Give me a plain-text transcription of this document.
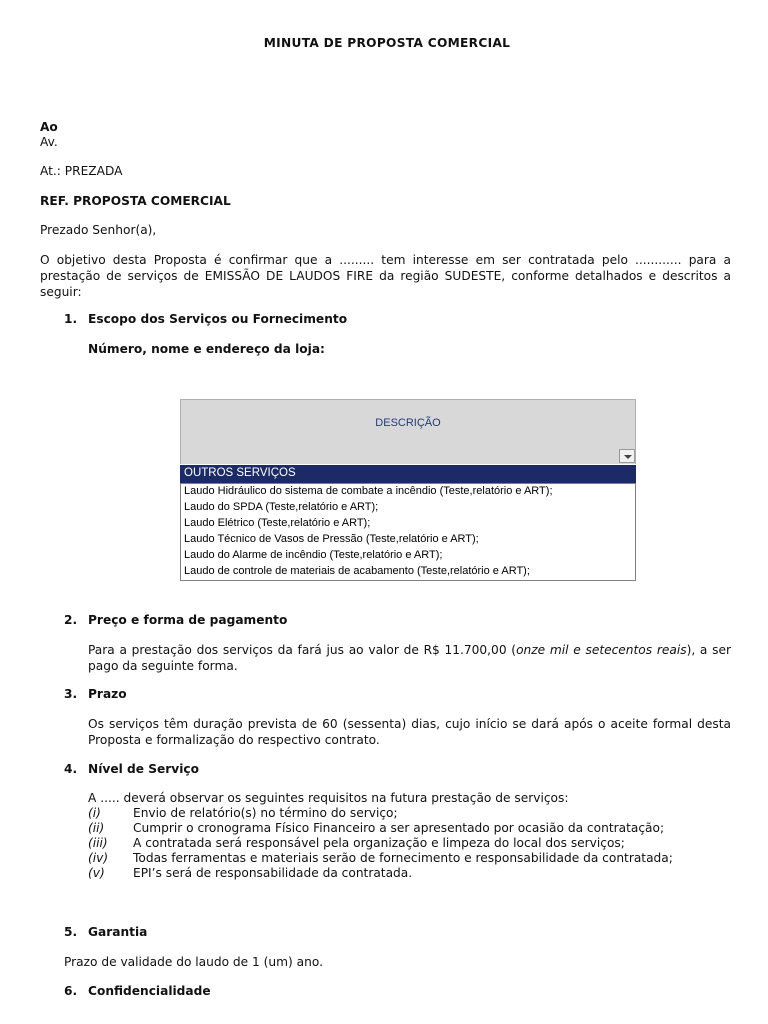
MINUTA DE PROPOSTA COMERCIAL
Ao
Av.
At.: PREZADA
REF. PROPOSTA COMERCIAL
Prezado Senhor(a),
O objetivo desta Proposta é confirmar que a ......... tem interesse em ser contratada pelo ............ para a prestação de serviços de EMISSÃO DE LAUDOS FIRE da região SUDESTE, conforme detalhados e descritos a seguir:
1. Escopo dos Serviços ou Fornecimento
Número, nome e endereço da loja:
DESCRIÇÃO
OUTROS SERVIÇOS
Laudo Hidráulico do sistema de combate a incêndio (Teste,relatório e ART);
Laudo do SPDA (Teste,relatório e ART);
Laudo Elétrico (Teste,relatório e ART);
Laudo Técnico de Vasos de Pressão (Teste,relatório e ART);
Laudo do Alarme de incêndio (Teste,relatório e ART);
Laudo de controle de materiais de acabamento (Teste,relatório e ART);
2. Preço e forma de pagamento
Para a prestação dos serviços da fará jus ao valor de R$ 11.700,00 (onze mil e setecentos reais), a ser pago da seguinte forma.
3. Prazo
Os serviços têm duração prevista de 60 (sessenta) dias, cujo início se dará após o aceite formal desta Proposta e formalização do respectivo contrato.
4. Nível de Serviço
A ..... deverá observar os seguintes requisitos na futura prestação de serviços:
(i)	Envio de relatório(s) no término do serviço;
(ii) Cumprir o cronograma Físico Financeiro a ser apresentado por ocasião da contratação;
(iii) A contratada será responsável pela organização e limpeza do local dos serviços;
(iv) Todas ferramentas e materiais serão de fornecimento e responsabilidade da contratada;
(v) EPI’s será de responsabilidade da contratada.
5. Garantia
Prazo de validade do laudo de 1 (um) ano.
6. Confidencialidade
